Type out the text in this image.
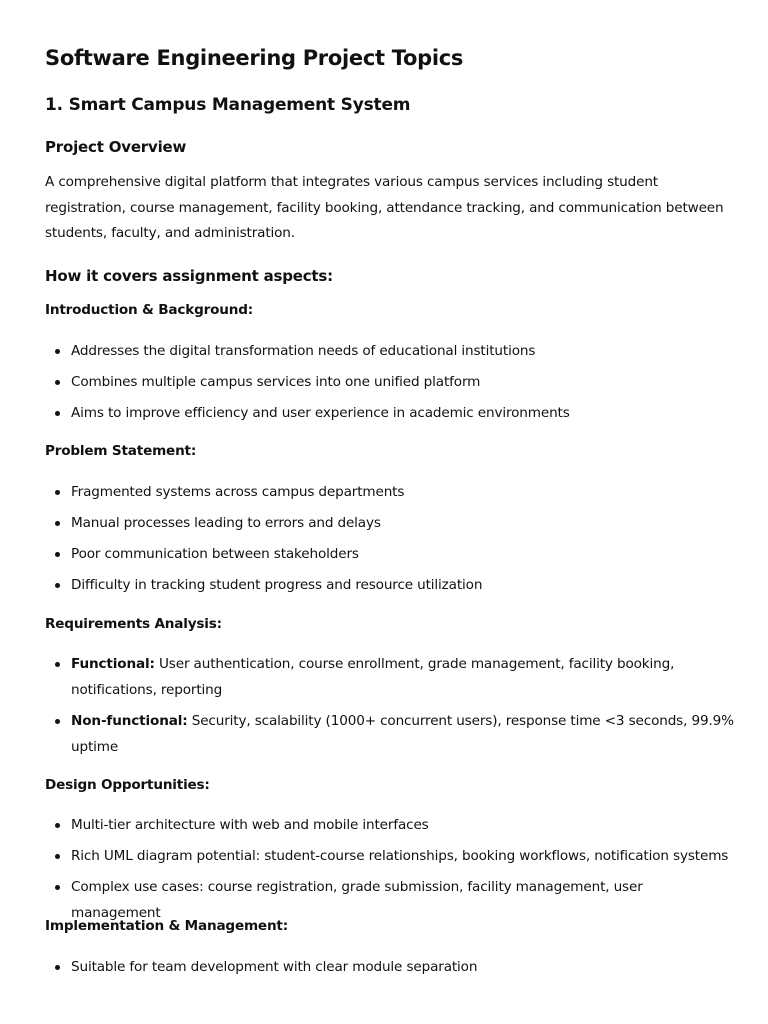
Software Engineering Project Topics
1. Smart Campus Management System
Project Overview

A comprehensive digital platform that integrates various campus services including student registration, course management, facility booking, attendance tracking, and communication between students, faculty, and administration.

How it covers assignment aspects:

Introduction & Background:

Addresses the digital transformation needs of educational institutions
Combines multiple campus services into one unified platform
Aims to improve efficiency and user experience in academic environments

Problem Statement:

Fragmented systems across campus departments
Manual processes leading to errors and delays
Poor communication between stakeholders
Difficulty in tracking student progress and resource utilization

Requirements Analysis:

Functional: User authentication, course enrollment, grade management, facility booking, notifications, reporting
Non-functional: Security, scalability (1000+ concurrent users), response time <3 seconds, 99.9% uptime

Design Opportunities:

Multi-tier architecture with web and mobile interfaces
Rich UML diagram potential: student-course relationships, booking workflows, notification systems
Complex use cases: course registration, grade submission, facility management, user management

Implementation & Management:

Suitable for team development with clear module separation
